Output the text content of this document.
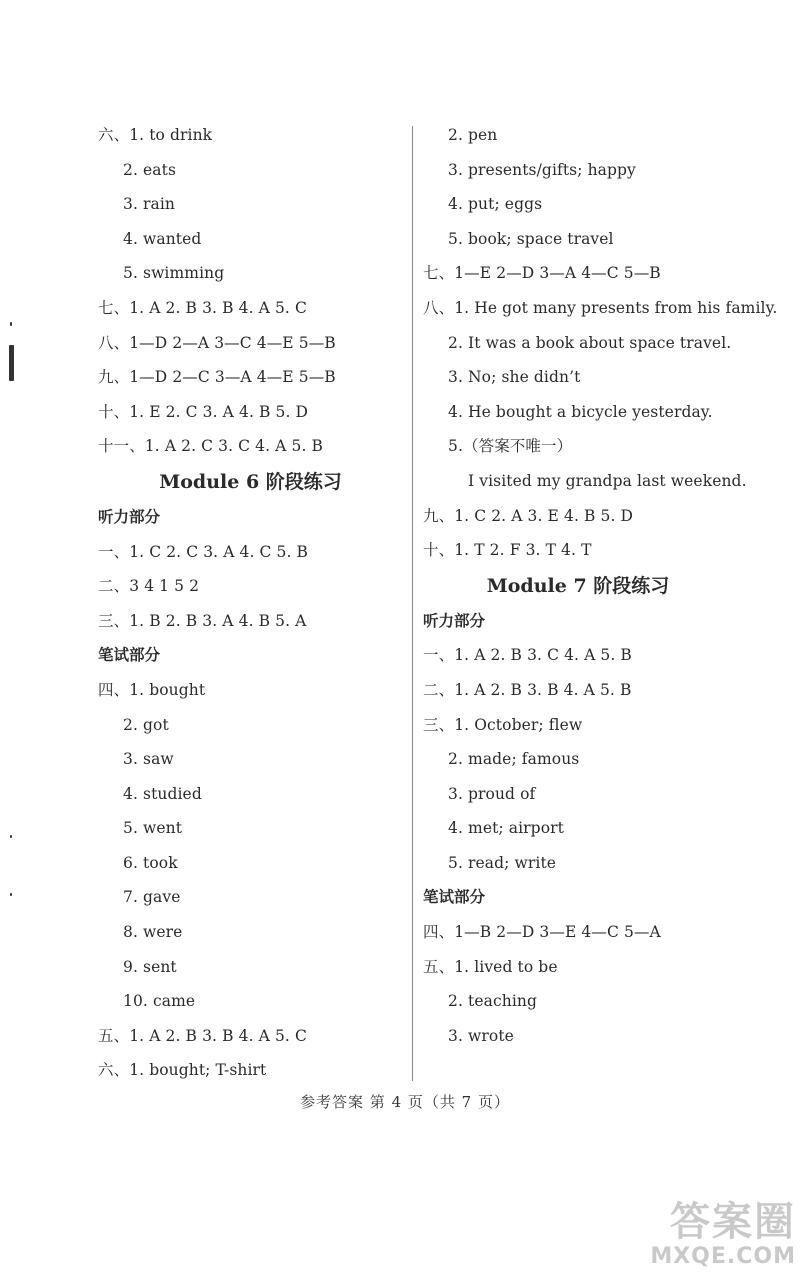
六、1. to drink
2. eats
3. rain
4. wanted
5. swimming
七、1. A 2. B 3. B 4. A 5. C
八、1—D 2—A 3—C 4—E 5—B
九、1—D 2—C 3—A 4—E 5—B
十、1. E 2. C 3. A 4. B 5. D
十一、1. A 2. C 3. C 4. A 5. B
Module 6 阶段练习
听力部分
一、1. C 2. C 3. A 4. C 5. B
二、3 4 1 5 2
三、1. B 2. B 3. A 4. B 5. A
笔试部分
四、1. bought
2. got
3. saw
4. studied
5. went
6. took
7. gave
8. were
9. sent
10. came
五、1. A 2. B 3. B 4. A 5. C
六、1. bought; T-shirt
2. pen
3. presents/gifts; happy
4. put; eggs
5. book; space travel
七、1—E 2—D 3—A 4—C 5—B
八、1. He got many presents from his family.
2. It was a book about space travel.
3. No; she didn’t
4. He bought a bicycle yesterday.
5.（答案不唯一）
I visited my grandpa last weekend.
九、1. C 2. A 3. E 4. B 5. D
十、1. T 2. F 3. T 4. T
Module 7 阶段练习
听力部分
一、1. A 2. B 3. C 4. A 5. B
二、1. A 2. B 3. B 4. A 5. B
三、1. October; flew
2. made; famous
3. proud of
4. met; airport
5. read; write
笔试部分
四、1—B 2—D 3—E 4—C 5—A
五、1. lived to be
2. teaching
3. wrote
参考答案 第 4 页（共 7 页）
答案圈
MXQE.COM
